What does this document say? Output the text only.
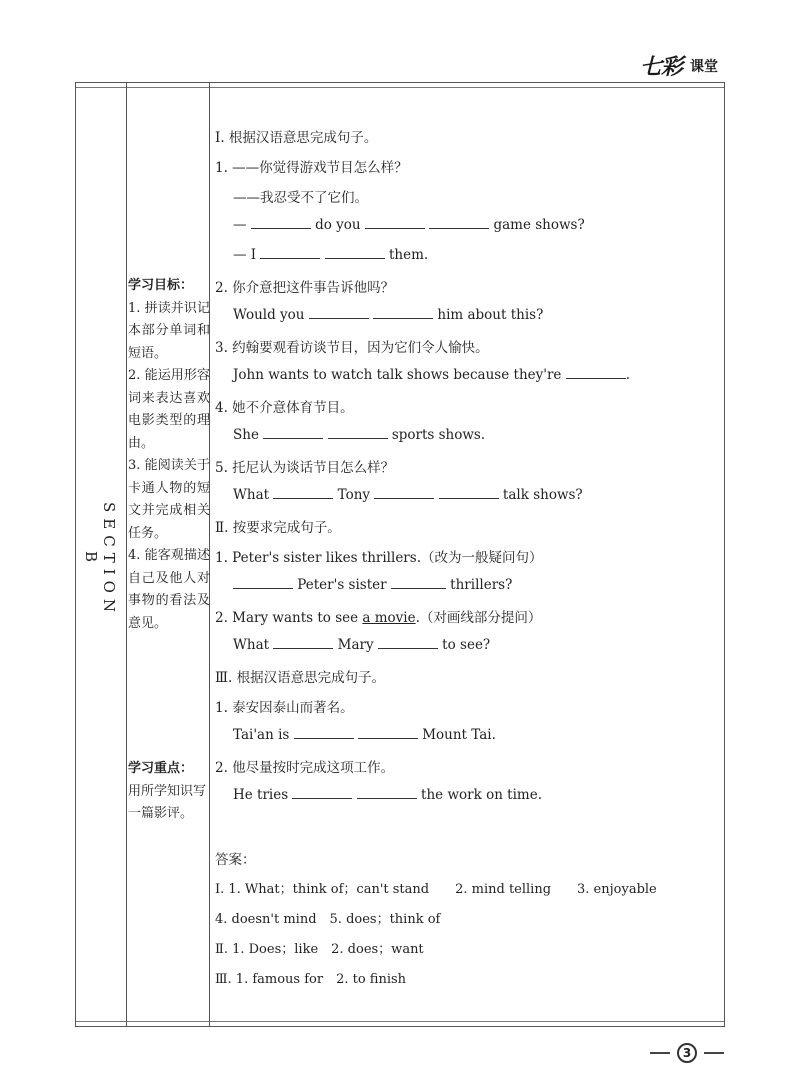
七彩 课堂
SECTION B
学习目标：
1. 拼读并识记本部分单词和短语。
2. 能运用形容词来表达喜欢电影类型的理由。
3. 能阅读关于卡通人物的短文并完成相关任务。
4. 能客观描述自己及他人对事物的看法及意见。
学习重点：
用所学知识写一篇影评。
Ⅰ. 根据汉语意思完成句子。
1. ——你觉得游戏节目怎么样？
——我忍受不了它们。
—	do you	game shows?
— I	them.
2. 你介意把这件事告诉他吗？
Would you	him about this?
3. 约翰要观看访谈节目，因为它们令人愉快。
John wants to watch talk shows because they're	.
4. 她不介意体育节目。
She	sports shows.
5. 托尼认为谈话节目怎么样？
What	Tony	talk shows?
Ⅱ. 按要求完成句子。
1. Peter's sister likes thrillers.（改为一般疑问句）
Peter's sister	thrillers?
2. Mary wants to see a movie.（对画线部分提问）
What	Mary	to see?
Ⅲ. 根据汉语意思完成句子。
1. 泰安因泰山而著名。
Tai'an is	Mount Tai.
2. 他尽量按时完成这项工作。
He tries	the work on time.
答案：
Ⅰ. 1. What；think of；can't stand　　2. mind telling　　3. enjoyable
4. doesn't mind　5. does；think of
Ⅱ. 1. Does；like　2. does；want
Ⅲ. 1. famous for　2. to finish
3
